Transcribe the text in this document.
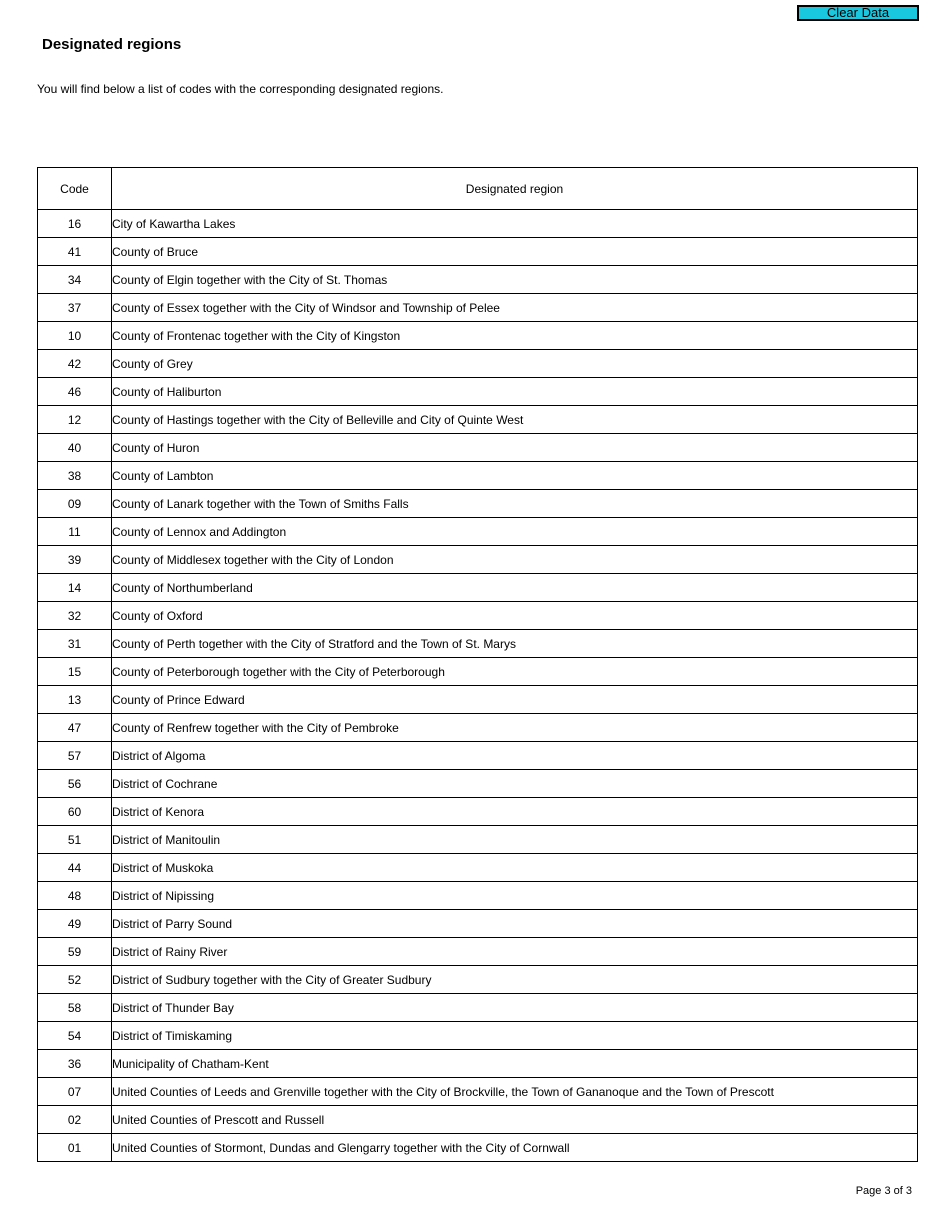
Clear Data
Designated regions

You will find below a list of codes with the corresponding designated regions.

Code	Designated region
16	City of Kawartha Lakes
41	County of Bruce
34	County of Elgin together with the City of St. Thomas
37	County of Essex together with the City of Windsor and Township of Pelee
10	County of Frontenac together with the City of Kingston
42	County of Grey
46	County of Haliburton
12	County of Hastings together with the City of Belleville and City of Quinte West
40	County of Huron
38	County of Lambton
09	County of Lanark together with the Town of Smiths Falls
11	County of Lennox and Addington
39	County of Middlesex together with the City of London
14	County of Northumberland
32	County of Oxford
31	County of Perth together with the City of Stratford and the Town of St. Marys
15	County of Peterborough together with the City of Peterborough
13	County of Prince Edward
47	County of Renfrew together with the City of Pembroke
57	District of Algoma
56	District of Cochrane
60	District of Kenora
51	District of Manitoulin
44	District of Muskoka
48	District of Nipissing
49	District of Parry Sound
59	District of Rainy River
52	District of Sudbury together with the City of Greater Sudbury
58	District of Thunder Bay
54	District of Timiskaming
36	Municipality of Chatham-Kent
07	United Counties of Leeds and Grenville together with the City of Brockville, the Town of Gananoque and the Town of Prescott
02	United Counties of Prescott and Russell
01	United Counties of Stormont, Dundas and Glengarry together with the City of Cornwall
Page 3 of 3
